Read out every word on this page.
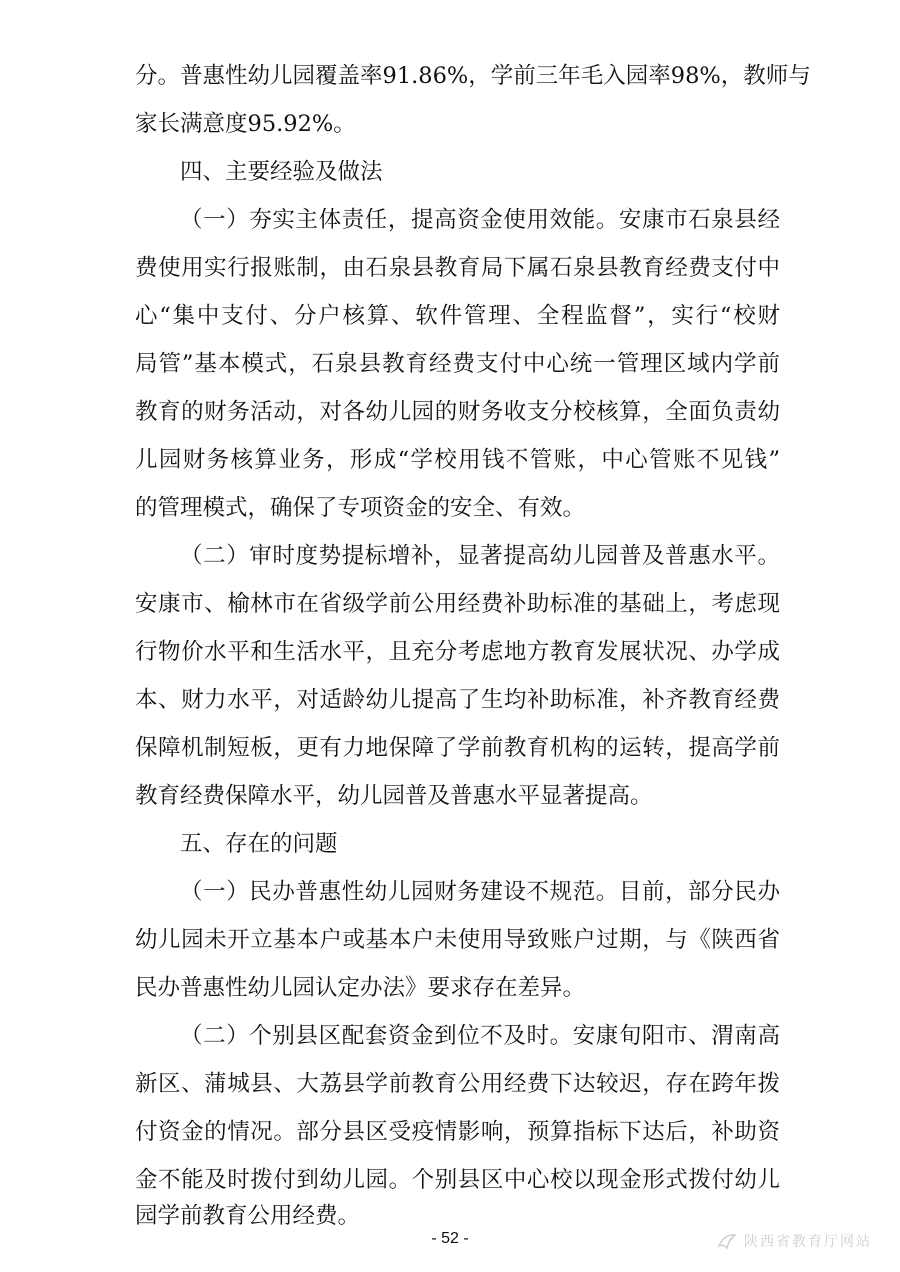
分。普惠性幼儿园覆盖率91.86%，学前三年毛入园率98%，教师与
家长满意度95.92%。
四、主要经验及做法
（一）夯实主体责任，提高资金使用效能。安康市石泉县经
费使用实行报账制，由石泉县教育局下属石泉县教育经费支付中
心“集中支付、分户核算、软件管理、全程监督”，实行“校财
局管”基本模式，石泉县教育经费支付中心统一管理区域内学前
教育的财务活动，对各幼儿园的财务收支分校核算，全面负责幼
儿园财务核算业务，形成“学校用钱不管账，中心管账不见钱”
的管理模式，确保了专项资金的安全、有效。
（二）审时度势提标增补，显著提高幼儿园普及普惠水平。
安康市、榆林市在省级学前公用经费补助标准的基础上，考虑现
行物价水平和生活水平，且充分考虑地方教育发展状况、办学成
本、财力水平，对适龄幼儿提高了生均补助标准，补齐教育经费
保障机制短板，更有力地保障了学前教育机构的运转，提高学前
教育经费保障水平，幼儿园普及普惠水平显著提高。
五、存在的问题
（一）民办普惠性幼儿园财务建设不规范。目前，部分民办
幼儿园未开立基本户或基本户未使用导致账户过期，与《陕西省
民办普惠性幼儿园认定办法》要求存在差异。
（二）个别县区配套资金到位不及时。安康旬阳市、渭南高
新区、蒲城县、大荔县学前教育公用经费下达较迟，存在跨年拨
付资金的情况。部分县区受疫情影响，预算指标下达后，补助资
金不能及时拨付到幼儿园。个别县区中心校以现金形式拨付幼儿
园学前教育公用经费。
- 52 -	陕西省教育厅网站
